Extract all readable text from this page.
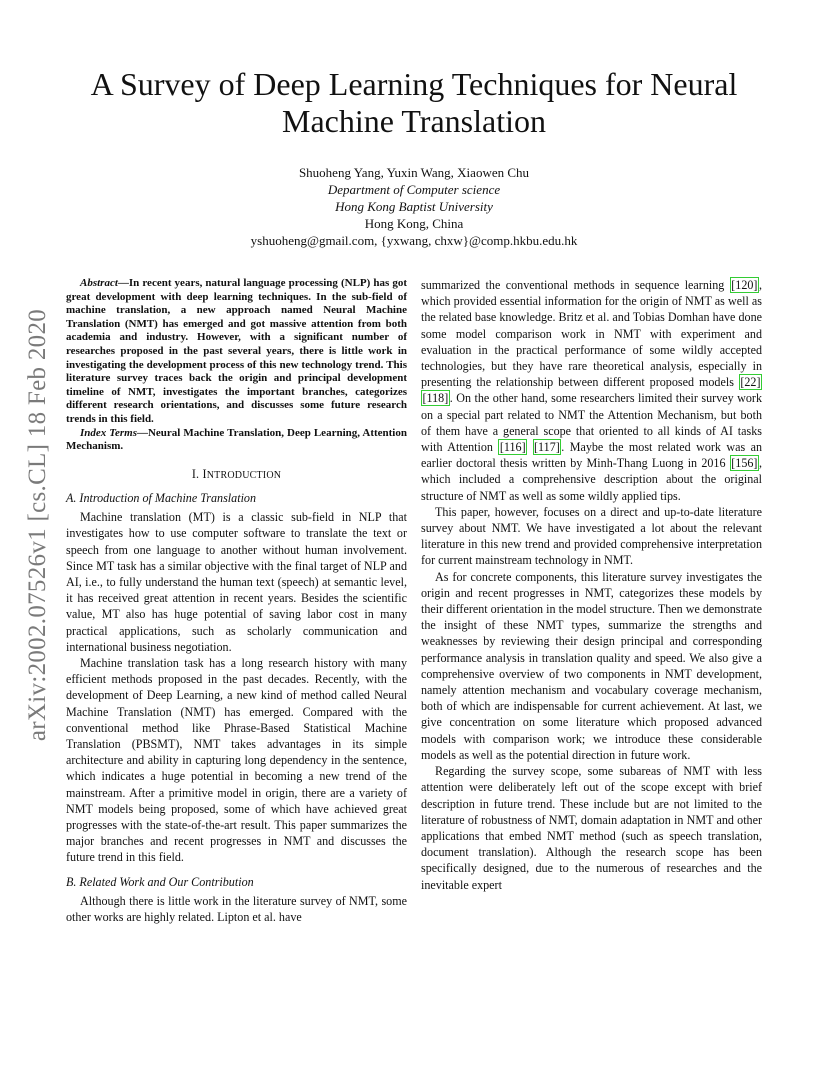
arXiv:2002.07526v1 [cs.CL] 18 Feb 2020
A Survey of Deep Learning Techniques for Neural
Machine Translation
Shuoheng Yang, Yuxin Wang, Xiaowen Chu
Department of Computer science
Hong Kong Baptist University
Hong Kong, China
yshuoheng@gmail.com, {yxwang, chxw}@comp.hkbu.edu.hk

Abstract—In recent years, natural language processing (NLP) has got great development with deep learning techniques. In the sub-field of machine translation, a new approach named Neural Machine Translation (NMT) has emerged and got massive attention from both academia and industry. However, with a significant number of researches proposed in the past several years, there is little work in investigating the development process of this new technology trend. This literature survey traces back the origin and principal development timeline of NMT, investigates the important branches, categorizes different research orientations, and discusses some future research trends in this field.

Index Terms—Neural Machine Translation, Deep Learning, Attention Mechanism.

I. INTRODUCTION
A. Introduction of Machine Translation

Machine translation (MT) is a classic sub-field in NLP that investigates how to use computer software to translate the text or speech from one language to another without human involvement. Since MT task has a similar objective with the final target of NLP and AI, i.e., to fully understand the human text (speech) at semantic level, it has received great attention in recent years. Besides the scientific value, MT also has huge potential of saving labor cost in many practical applications, such as scholarly communication and international business negotiation.

Machine translation task has a long research history with many efficient methods proposed in the past decades. Recently, with the development of Deep Learning, a new kind of method called Neural Machine Translation (NMT) has emerged. Compared with the conventional method like Phrase-Based Statistical Machine Translation (PBSMT), NMT takes advantages in its simple architecture and ability in capturing long dependency in the sentence, which indicates a huge potential in becoming a new trend of the mainstream. After a primitive model in origin, there are a variety of NMT models being proposed, some of which have achieved great progresses with the state-of-the-art result. This paper summarizes the major branches and recent progresses in NMT and discusses the future trend in this field.

B. Related Work and Our Contribution

Although there is little work in the literature survey of NMT, some other works are highly related. Lipton et al. have

summarized the conventional methods in sequence learning [120] , which provided essential information for the origin of NMT as well as the related base knowledge. Britz et al. and Tobias Domhan have done some model comparison work in NMT with experiment and evaluation in the practical performance of some wildly accepted technologies, but they have rare theoretical analysis, especially in presenting the relationship between different proposed models [22] [118] . On the other hand, some researchers limited their survey work on a special part related to NMT the Attention Mechanism, but both of them have a general scope that oriented to all kinds of AI tasks with Attention [116] [117] . Maybe the most related work was an earlier doctoral thesis written by Minh-Thang Luong in 2016 [156] , which included a comprehensive description about the original structure of NMT as well as some wildly applied tips.

This paper, however, focuses on a direct and up-to-date literature survey about NMT. We have investigated a lot about the relevant literature in this new trend and provided comprehensive interpretation for current mainstream technology in NMT.

As for concrete components, this literature survey investigates the origin and recent progresses in NMT, categorizes these models by their different orientation in the model structure. Then we demonstrate the insight of these NMT types, summarize the strengths and weaknesses by reviewing their design principal and corresponding performance analysis in translation quality and speed. We also give a comprehensive overview of two components in NMT development, namely attention mechanism and vocabulary coverage mechanism, both of which are indispensable for current achievement. At last, we give concentration on some literature which proposed advanced models with comparison work; we introduce these considerable models as well as the potential direction in future work.

Regarding the survey scope, some subareas of NMT with less attention were deliberately left out of the scope except with brief description in future trend. These include but are not limited to the literature of robustness of NMT, domain adaptation in NMT and other applications that embed NMT method (such as speech translation, document translation). Although the research scope has been specifically designed, due to the numerous of researches and the inevitable expert
